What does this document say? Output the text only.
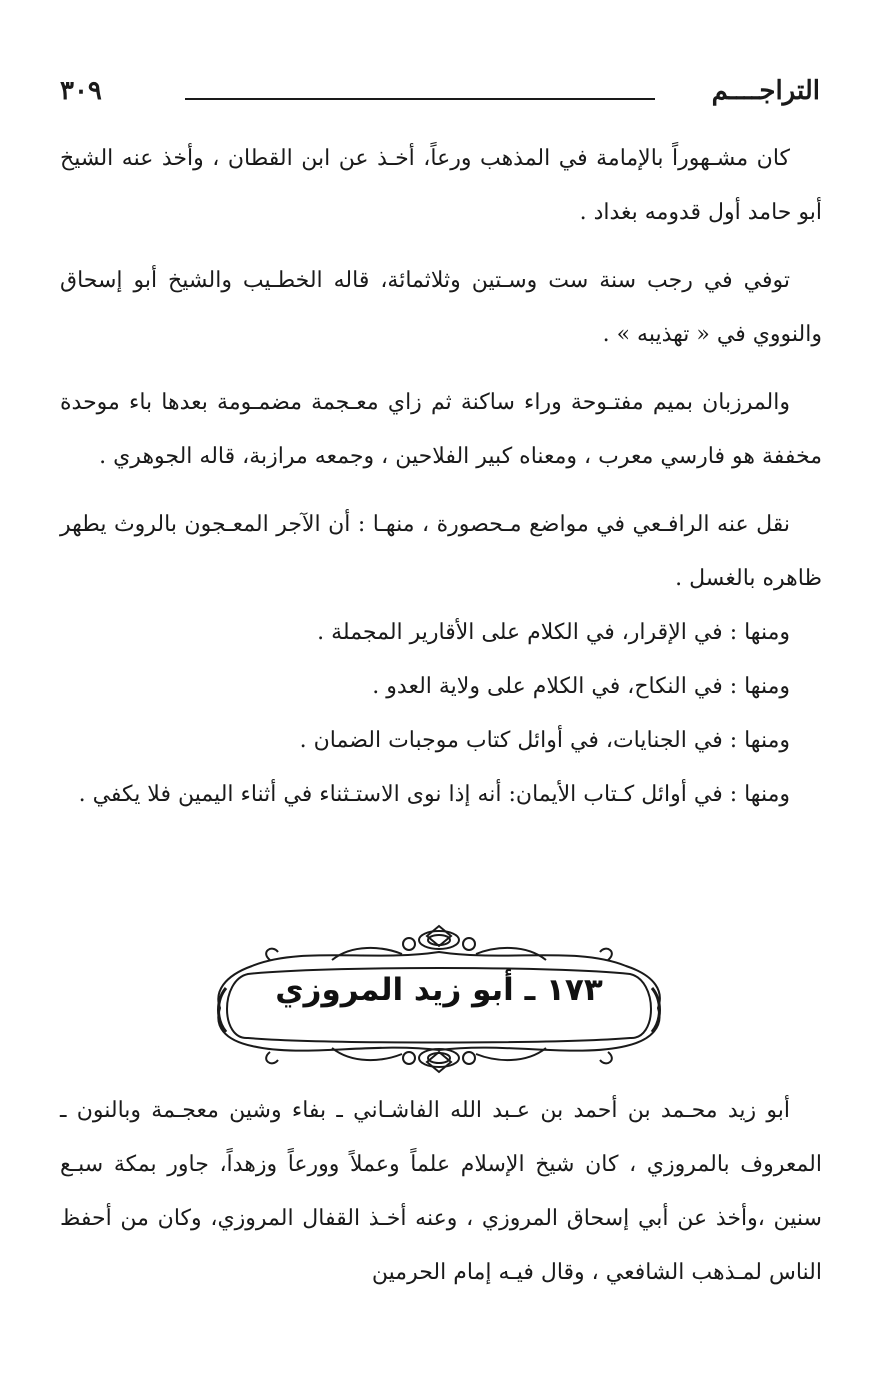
التراجــــم
٣٠٩

كان مشـهوراً بالإمامة في المذهب ورعاً، أخـذ عن ابن القطان ، وأخذ عنه الشيخ أبو حامد أول قدومه بغداد .

توفي في رجب سنة ست وسـتين وثلاثمائة، قاله الخطـيب والشيخ أبو إسحاق والنووي في « تهذيبه » .

والمرزبان بميم مفتـوحة وراء ساكنة ثم زاي معـجمة مضمـومة بعدها باء موحدة مخففة هو فارسي معرب ، ومعناه كبير الفلاحين ، وجمعه مرازبة، قاله الجوهري .

نقل عنه الرافـعي في مواضع مـحصورة ، منهـا : أن الآجر المعـجون بالروث يطهر ظاهره بالغسل .

ومنها : في الإقرار، في الكلام على الأقارير المجملة .

ومنها : في النكاح، في الكلام على ولاية العدو .

ومنها : في الجنايات، في أوائل كتاب موجبات الضمان .

ومنها : في أوائل كـتاب الأيمان: أنه إذا نوى الاستـثناء في أثناء اليمين فلا يكفي .

١٧٣ ـ أبو زيد المروزي

أبو زيد محـمد بن أحمد بن عـبد الله الفاشـاني ـ بفاء وشين معجـمة وبالنون ـ المعروف بالمروزي ، كان شيخ الإسلام علماً وعملاً وورعاً وزهداً، جاور بمكة سبـع سنين ،وأخذ عن أبي إسحاق المروزي ، وعنه أخـذ القفال المروزي، وكان من أحفظ الناس لمـذهب الشافعي ، وقال فيـه إمام الحرمين
